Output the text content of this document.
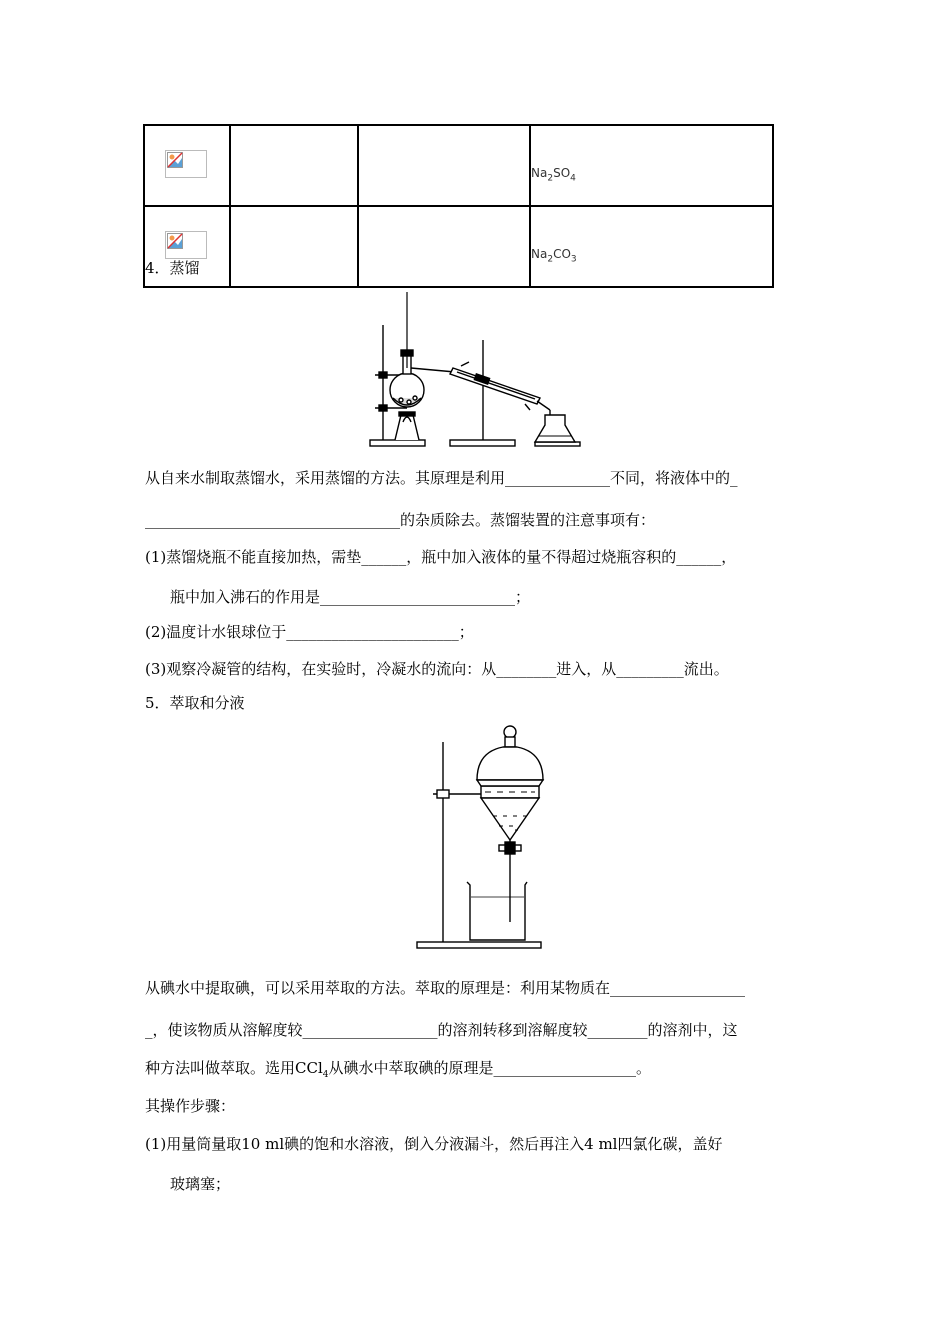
			$Na_2SO_4$

			$Na_2CO_3$
4．蒸馏
从自来水制取蒸馏水，采用蒸馏的方法。其原理是利用______________不同，将液体中的_
__________________________________的杂质除去。蒸馏装置的注意事项有：
(1)蒸馏烧瓶不能直接加热，需垫______，瓶中加入液体的量不得超过烧瓶容积的______，
瓶中加入沸石的作用是__________________________；
(2)温度计水银球位于_______________________；
(3)观察冷凝管的结构，在实验时，冷凝水的流向：从________进入，从_________流出。
5．萃取和分液
从碘水中提取碘，可以采用萃取的方法。萃取的原理是：利用某物质在__________________
_，使该物质从溶解度较__________________的溶剂转移到溶解度较________的溶剂中，这
种方法叫做萃取。选用CCl$_4$从碘水中萃取碘的原理是___________________。
其操作步骤：
(1)用量筒量取10 ml碘的饱和水溶液，倒入分液漏斗，然后再注入4 ml四氯化碳，盖好
玻璃塞；
